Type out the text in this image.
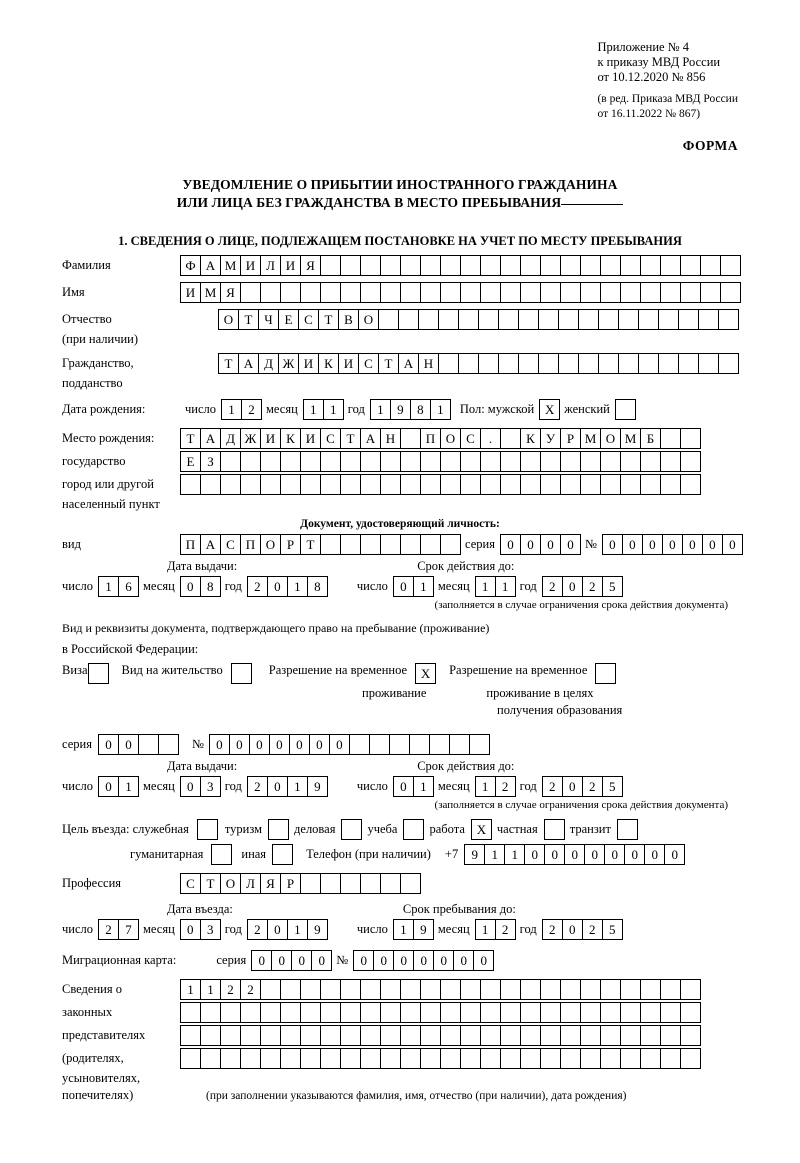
Приложение № 4
к приказу МВД России
от 10.12.2020 № 856
(в ред. Приказа МВД России
от 16.11.2022 № 867)
ФОРМА
УВЕДОМЛЕНИЕ О ПРИБЫТИИ ИНОСТРАННОГО ГРАЖДАНИНА
ИЛИ ЛИЦА БЕЗ ГРАЖДАНСТВА В МЕСТО ПРЕБЫВАНИЯ
1. СВЕДЕНИЯ О ЛИЦЕ, ПОДЛЕЖАЩЕМ ПОСТАНОВКЕ НА УЧЕТ ПО МЕСТУ ПРЕБЫВАНИЯ
Фамилия	Ф А М И Л И Я
Имя	И М Я
Отчество	О Т Ч Е С Т В О
(при наличии)
Гражданство,	Т А Д Ж И К И С Т А Н
подданство
Дата рождения:	число 1	2 месяц 1	1 год 1	9	8	1	Пол: мужской X женский
Место рождения:	Т А Д Ж И К И С Т А Н	П О С	.	К У Р М О М Б
государство	Е З
город или другой
населенный пункт
Документ, удостоверяющий личность:
вид	П А С П О Р Т	серия 0	0	0	0 № 0	0	0	0	0	0	0
Дата выдачи:	Срок действия до:
число 1	6 месяц 0	8 год 2	0	1	8	число 0	1 месяц 1	1 год 2	0	2	5
(заполняется в случае ограничения срока действия документа)
Вид и реквизиты документа, подтверждающего право на пребывание (проживание)
в Российской Федерации:
Виза	Вид на жительство	Разрешение на временное	X	Разрешение на временное
проживание	проживание в целях
получения образования
серия	0	0	№ 0	0	0	0	0	0	0
Дата выдачи:	Срок действия до:
число 0	1 месяц 0	3 год 2	0	1	9	число 0	1 месяц 1	2 год 2	0	2	5
(заполняется в случае ограничения срока действия документа)
Цель въезда: служебная	туризм	деловая	учеба	работа X частная	транзит
гуманитарная	иная	Телефон (при наличии) +7	9	1	1	0	0	0	0	0	0	0	0
Профессия	С Т О Л Я Р
Дата въезда:	Срок пребывания до:
число 2	7 месяц 0	3 год 2	0	1	9	число 1	9 месяц 1	2 год 2	0	2	5
Миграционная карта:	серия 0	0	0	0 № 0	0	0	0	0	0	0
Сведения о	1	1	2	2
законных
представителях
(родителях,
усыновителях,
попечителях)	(при заполнении указываются фамилия, имя, отчество (при наличии), дата рождения)
